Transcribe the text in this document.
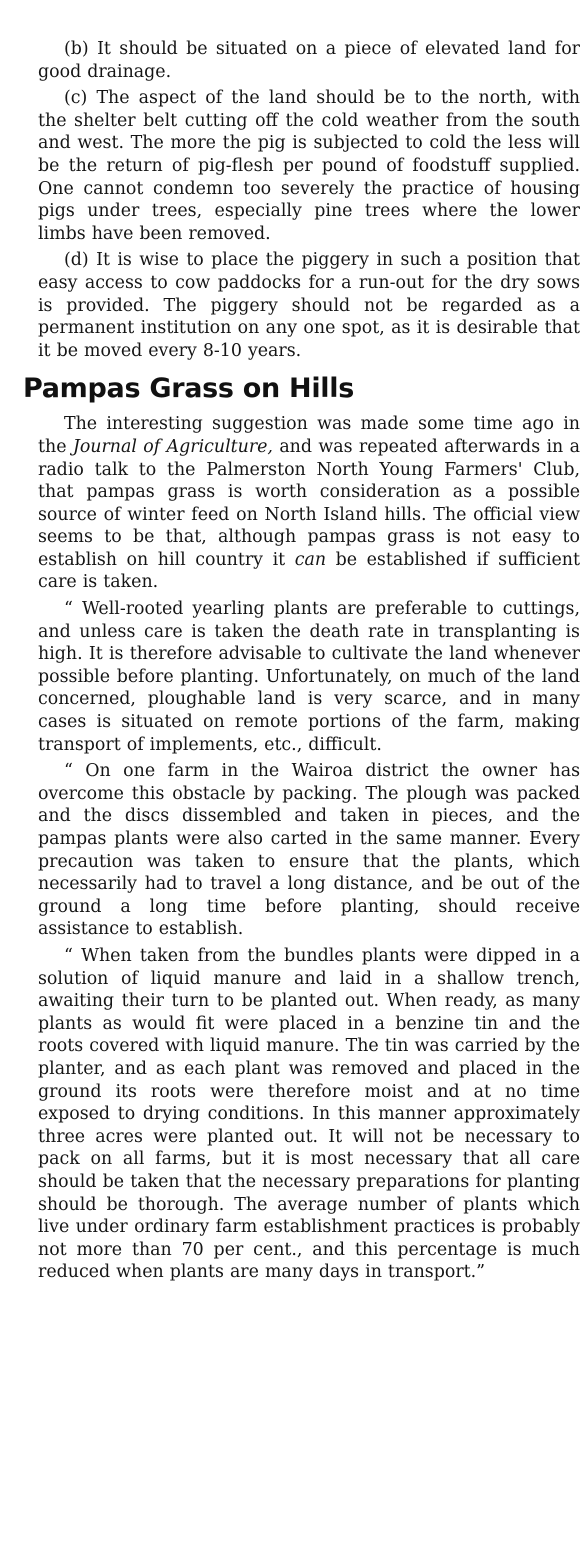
(b) It should be situated on a piece of elevated land for good drainage.

(c) The aspect of the land should be to the north, with the shelter belt cutting off the cold weather from the south and west. The more the pig is subjected to cold the less will be the return of pig-flesh per pound of foodstuff supplied. One cannot condemn too severely the practice of housing pigs under trees, especially pine trees where the lower limbs have been removed.

(d) It is wise to place the piggery in such a position that easy access to cow paddocks for a run-out for the dry sows is provided. The piggery should not be regarded as a permanent institution on any one spot, as it is desirable that it be moved every 8-10 years.

Pampas Grass on Hills

The interesting suggestion was made some time ago in the Journal of Agriculture, and was repeated afterwards in a radio talk to the Palmerston North Young Farmers' Club, that pampas grass is worth consideration as a possible source of winter feed on North Island hills. The official view seems to be that, although pampas grass is not easy to establish on hill country it can be established if sufficient care is taken.

“ Well-rooted yearling plants are preferable to cuttings, and unless care is taken the death rate in transplanting is high. It is therefore advisable to cultivate the land whenever possible before planting. Unfortunately, on much of the land concerned, ploughable land is very scarce, and in many cases is situated on remote portions of the farm, making transport of implements, etc., difficult.

“ On one farm in the Wairoa district the owner has overcome this obstacle by packing. The plough was packed and the discs dissembled and taken in pieces, and the pampas plants were also carted in the same manner. Every precaution was taken to ensure that the plants, which necessarily had to travel a long distance, and be out of the ground a long time before planting, should receive assistance to establish.

“ When taken from the bundles plants were dipped in a solution of liquid manure and laid in a shallow trench, awaiting their turn to be planted out. When ready, as many plants as would fit were placed in a benzine tin and the roots covered with liquid manure. The tin was carried by the planter, and as each plant was removed and placed in the ground its roots were therefore moist and at no time exposed to drying conditions. In this manner approximately three acres were planted out. It will not be necessary to pack on all farms, but it is most necessary that all care should be taken that the necessary preparations for planting should be thorough. The average number of plants which live under ordinary farm establishment practices is probably not more than 70 per cent., and this percentage is much reduced when plants are many days in transport.”
